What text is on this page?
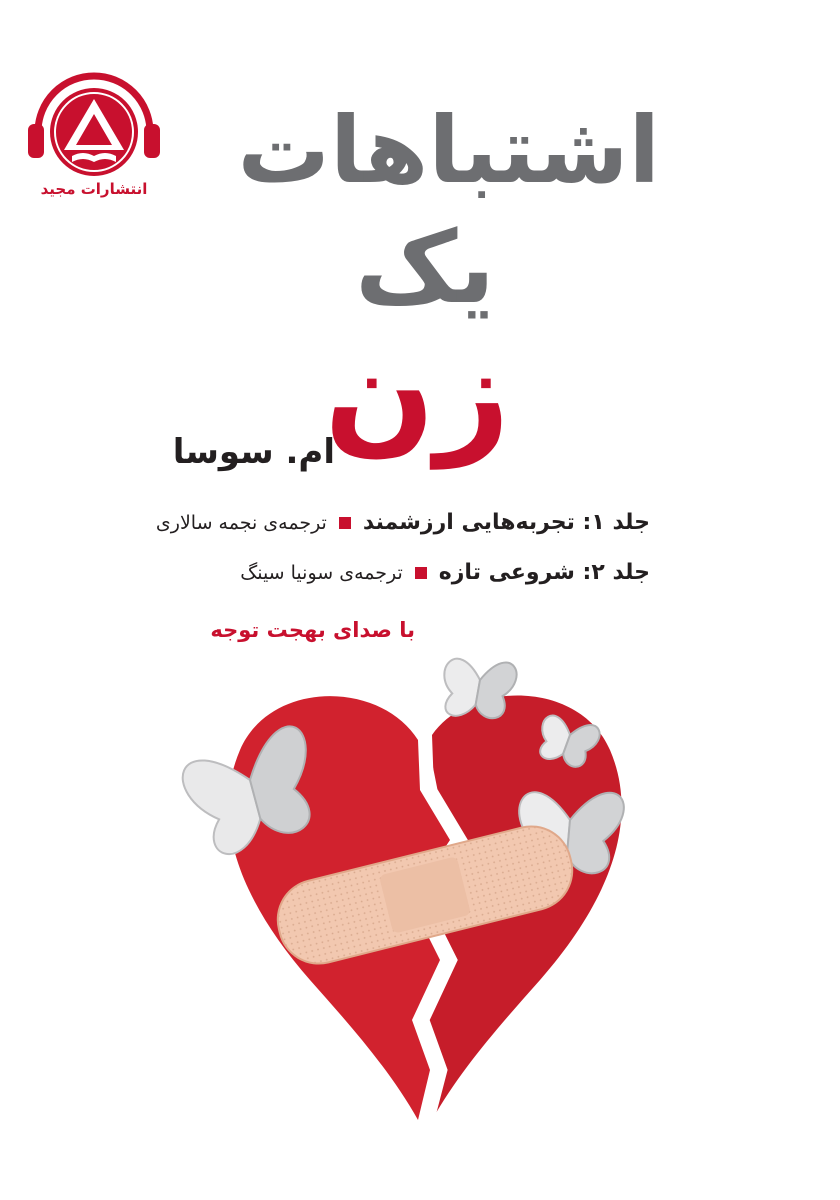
انتشارات مجید اشتباهات
یک
زن
ام. سوسا
جلد ۱: تجربه‌هایی ارزشمند
ترجمه‌ی نجمه سالاری
جلد ۲: شروعی تازه
ترجمه‌ی سونیا سینگ
با صدای بهجت توجه
